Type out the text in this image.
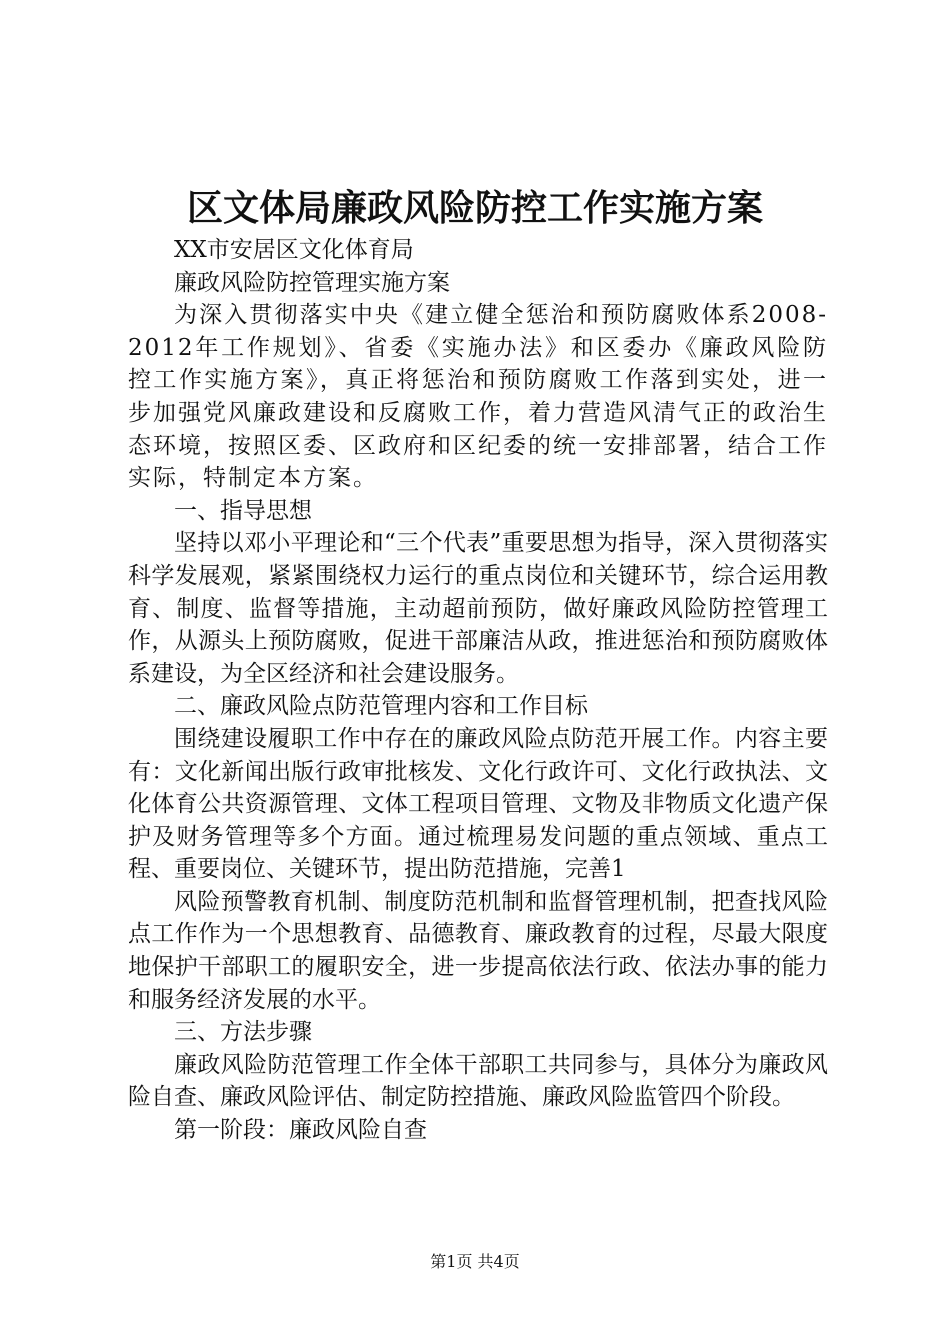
区文体局廉政风险防控工作实施方案

XX市安居区文化体育局

廉政风险防控管理实施方案

为深入贯彻落实中央《建立健全惩治和预防腐败体系2008-2012年工作规划》、省委《实施办法》和区委办《廉政风险防控工作实施方案》，真正将惩治和预防腐败工作落到实处，进一步加强党风廉政建设和反腐败工作，着力营造风清气正的政治生态环境，按照区委、区政府和区纪委的统一安排部署，结合工作实际，特制定本方案。

一、指导思想

坚持以邓小平理论和“三个代表”重要思想为指导，深入贯彻落实科学发展观，紧紧围绕权力运行的重点岗位和关键环节，综合运用教育、制度、监督等措施，主动超前预防，做好廉政风险防控管理工作，从源头上预防腐败，促进干部廉洁从政，推进惩治和预防腐败体系建设，为全区经济和社会建设服务。

二、廉政风险点防范管理内容和工作目标

围绕建设履职工作中存在的廉政风险点防范开展工作。内容主要有：文化新闻出版行政审批核发、文化行政许可、文化行政执法、文化体育公共资源管理、文体工程项目管理、文物及非物质文化遗产保护及财务管理等多个方面。通过梳理易发问题的重点领域、重点工程、重要岗位、关键环节，提出防范措施，完善1

风险预警教育机制、制度防范机制和监督管理机制，把查找风险点工作作为一个思想教育、品德教育、廉政教育的过程，尽最大限度地保护干部职工的履职安全，进一步提高依法行政、依法办事的能力和服务经济发展的水平。

三、方法步骤

廉政风险防范管理工作全体干部职工共同参与，具体分为廉政风险自查、廉政风险评估、制定防控措施、廉政风险监管四个阶段。

第一阶段：廉政风险自查

第1页 共4页
